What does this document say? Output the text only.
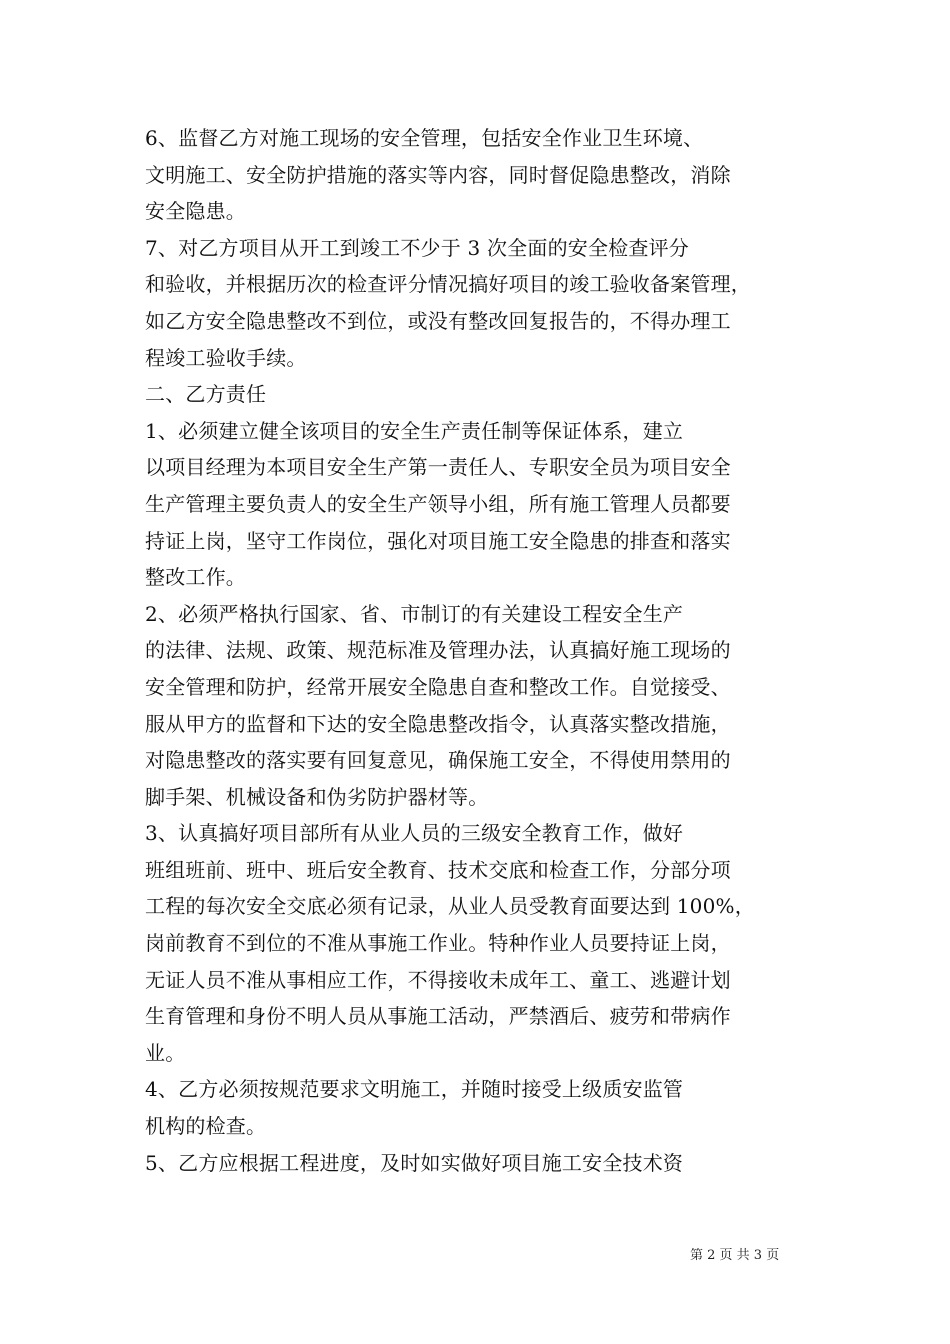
6、监督乙方对施工现场的安全管理，包括安全作业卫生环境、
文明施工、安全防护措施的落实等内容，同时督促隐患整改，消除
安全隐患。
7、对乙方项目从开工到竣工不少于 3 次全面的安全检查评分
和验收，并根据历次的检查评分情况搞好项目的竣工验收备案管理，
如乙方安全隐患整改不到位，或没有整改回复报告的，不得办理工
程竣工验收手续。
二、乙方责任
1、必须建立健全该项目的安全生产责任制等保证体系，建立
以项目经理为本项目安全生产第一责任人、专职安全员为项目安全
生产管理主要负责人的安全生产领导小组，所有施工管理人员都要
持证上岗，坚守工作岗位，强化对项目施工安全隐患的排查和落实
整改工作。
2、必须严格执行国家、省、市制订的有关建设工程安全生产
的法律、法规、政策、规范标准及管理办法，认真搞好施工现场的
安全管理和防护，经常开展安全隐患自查和整改工作。自觉接受、
服从甲方的监督和下达的安全隐患整改指令，认真落实整改措施，
对隐患整改的落实要有回复意见，确保施工安全，不得使用禁用的
脚手架、机械设备和伪劣防护器材等。
3、认真搞好项目部所有从业人员的三级安全教育工作，做好
班组班前、班中、班后安全教育、技术交底和检查工作，分部分项
工程的每次安全交底必须有记录，从业人员受教育面要达到 100%，
岗前教育不到位的不准从事施工作业。特种作业人员要持证上岗，
无证人员不准从事相应工作，不得接收未成年工、童工、逃避计划
生育管理和身份不明人员从事施工活动，严禁酒后、疲劳和带病作
业。
4、乙方必须按规范要求文明施工，并随时接受上级质安监管
机构的检查。
5、乙方应根据工程进度，及时如实做好项目施工安全技术资
第 2 页 共 3 页
